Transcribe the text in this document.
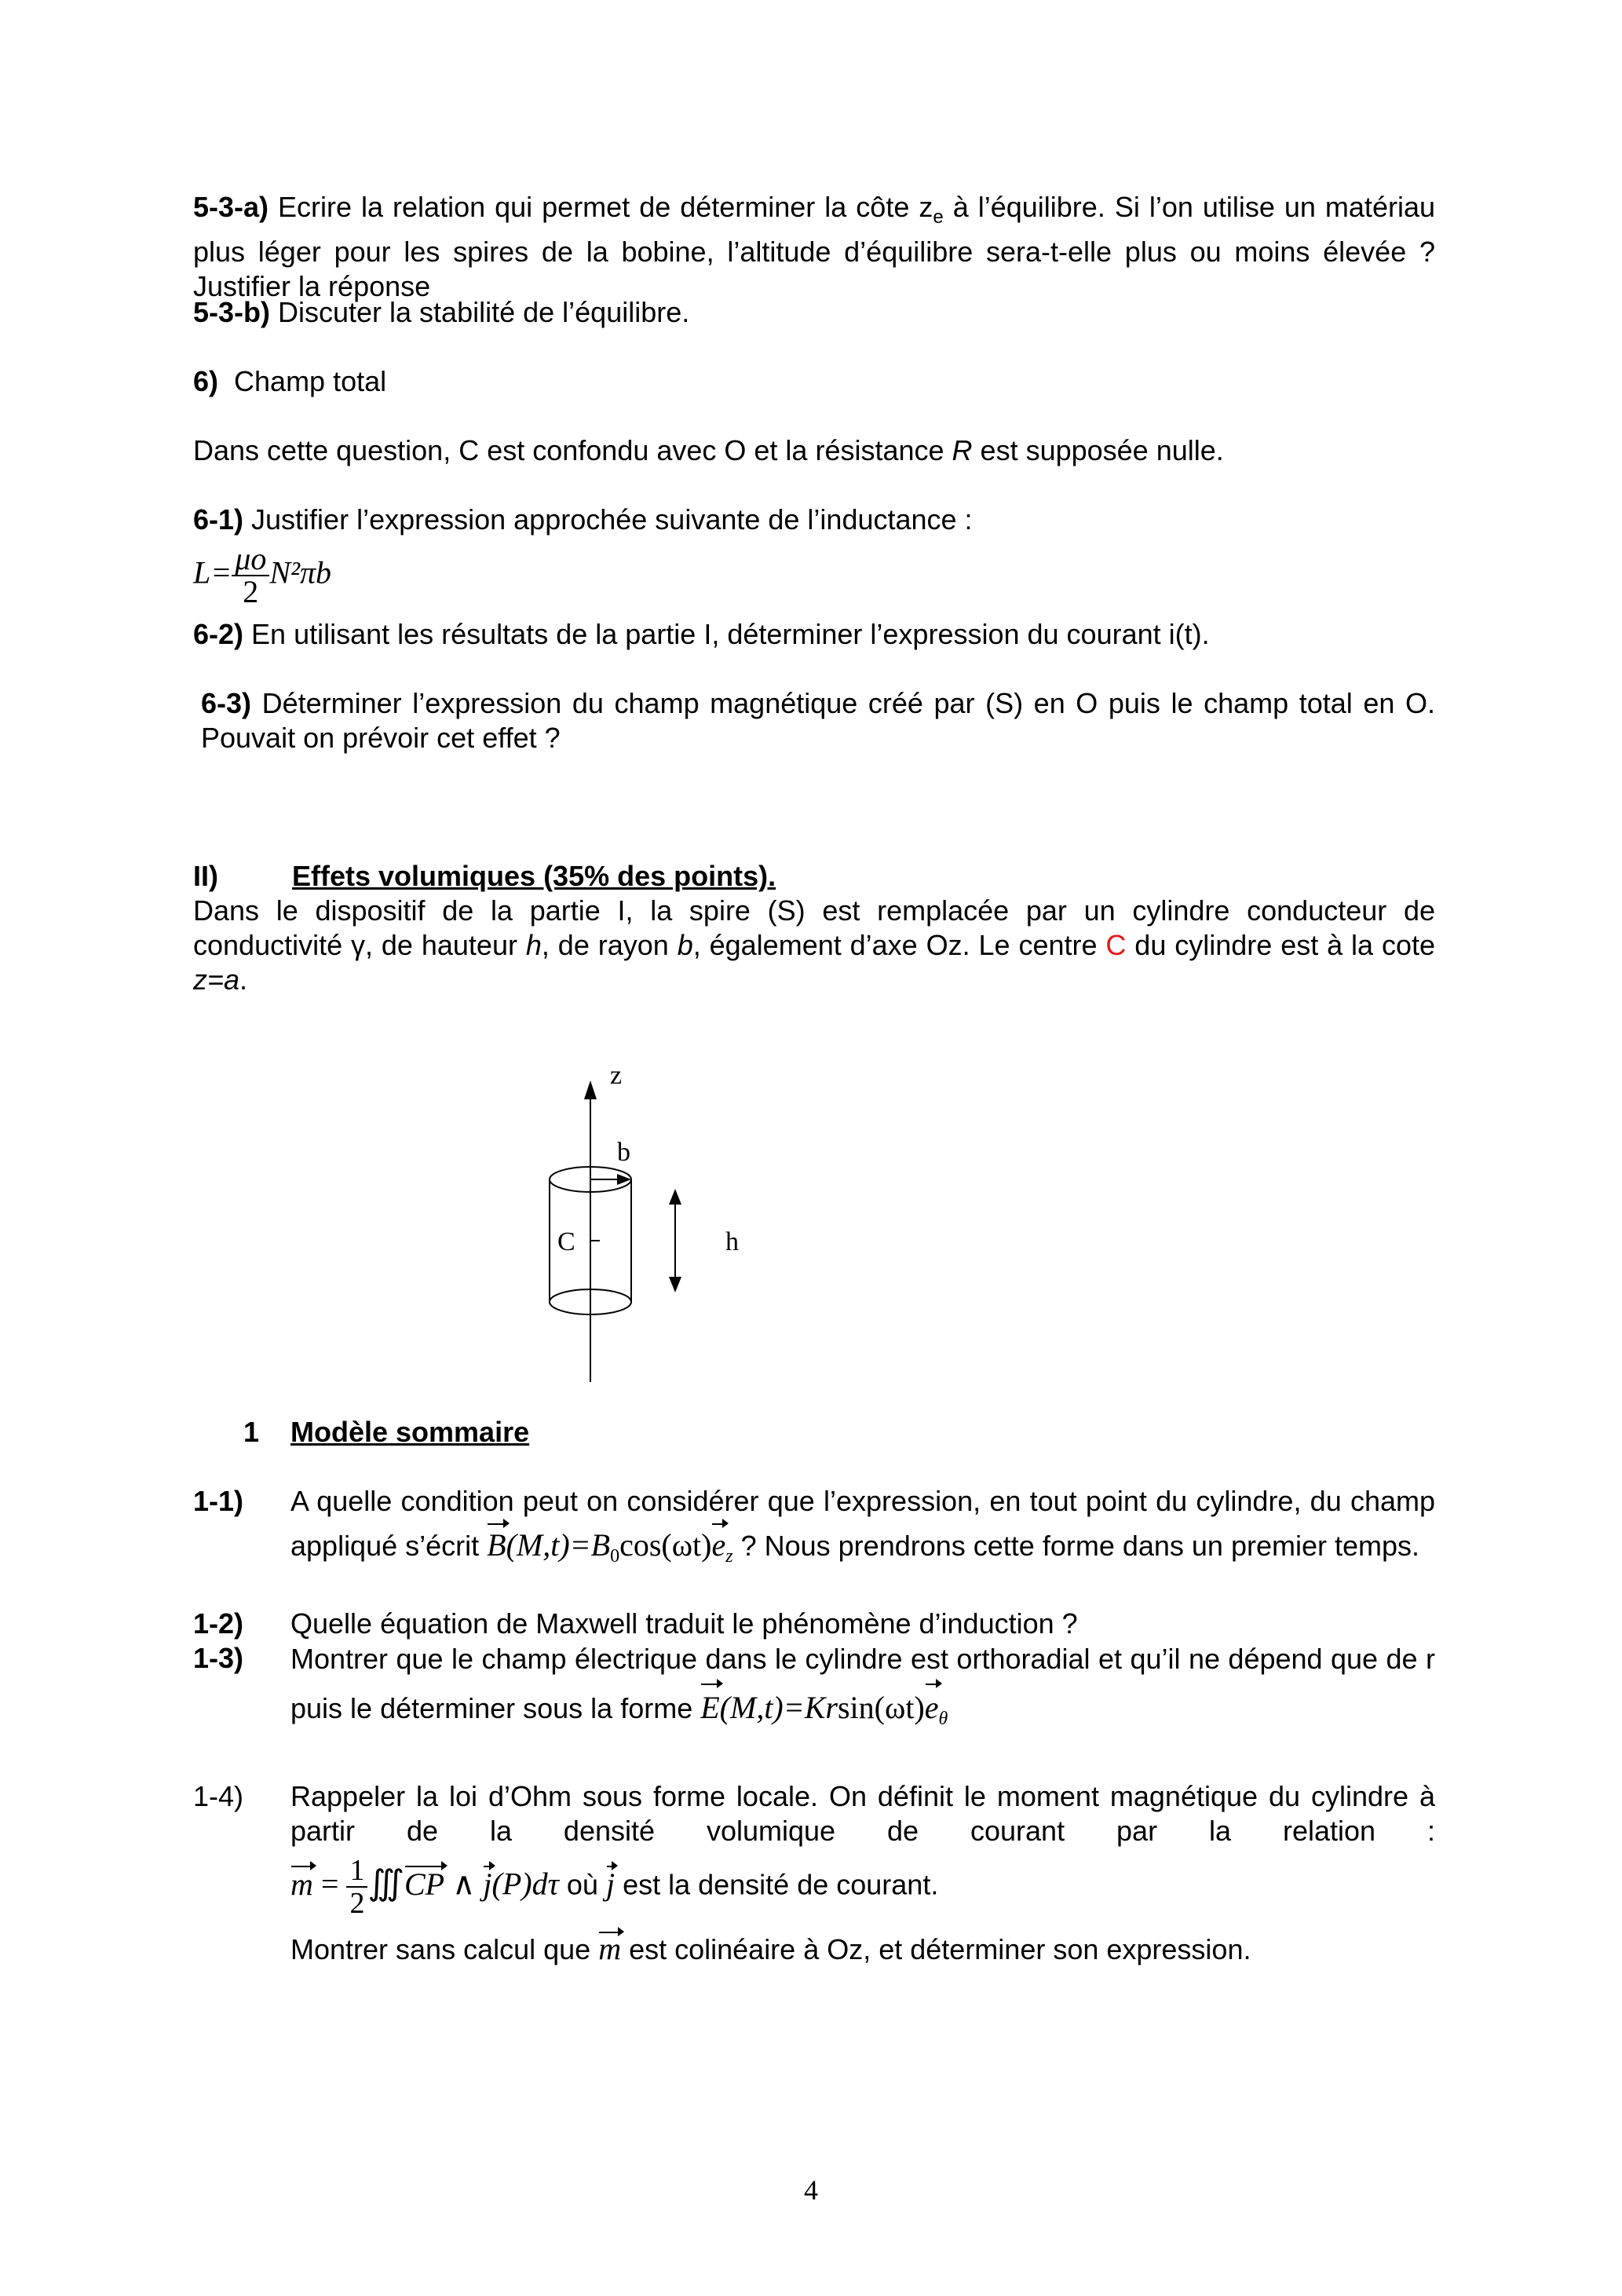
5-3-a) Ecrire la relation qui permet de déterminer la côte $z_e$ à l’équilibre. Si l’on utilise un matériau plus léger pour les spires de la bobine, l’altitude d’équilibre sera-t-elle plus ou moins élevée ? Justifier la réponse
5-3-b) Discuter la stabilité de l’équilibre.
6) Champ total
Dans cette question, C est confondu avec O et la résistance R est supposée nulle.
6-1) Justifier l’expression approchée suivante de l’inductance :
$L= \frac{\mu o}{2} N^2\pi b$
6-2) En utilisant les résultats de la partie I, déterminer l’expression du courant i(t).
6-3) Déterminer l’expression du champ magnétique créé par (S) en O puis le champ total en O. Pouvait on prévoir cet effet ?
II)	Effets volumiques (35% des points).
Dans le dispositif de la partie I, la spire (S) est remplacée par un cylindre conducteur de conductivité γ, de hauteur h, de rayon b, également d’axe Oz. Le centre C du cylindre est à la cote z=a.
z
b
C	h
1 Modèle sommaire
1-1) A quelle condition peut on considérer que l’expression, en tout point du cylindre, du champ appliqué s’écrit $B(M,t)=B_0\cos(\omega t)e_z$ ? Nous prendrons cette forme dans un premier temps.
1-2) Quelle équation de Maxwell traduit le phénomène d’induction ?
1-3) Montrer que le champ électrique dans le cylindre est orthoradial et qu’il ne dépend que de r puis le déterminer sous la forme $E(M,t)=Krsin(\omega t)e_\theta$
1-4) Rappeler la loi d’Ohm sous forme locale. On définit le moment magnétique du cylindre à partir de la densité volumique de courant par la relation :
$m = \frac{1}{2}$ ∭CP ∧ j(P)dτ où j est la densité de courant.
Montrer sans calcul que m est colinéaire à Oz, et déterminer son expression.
4
